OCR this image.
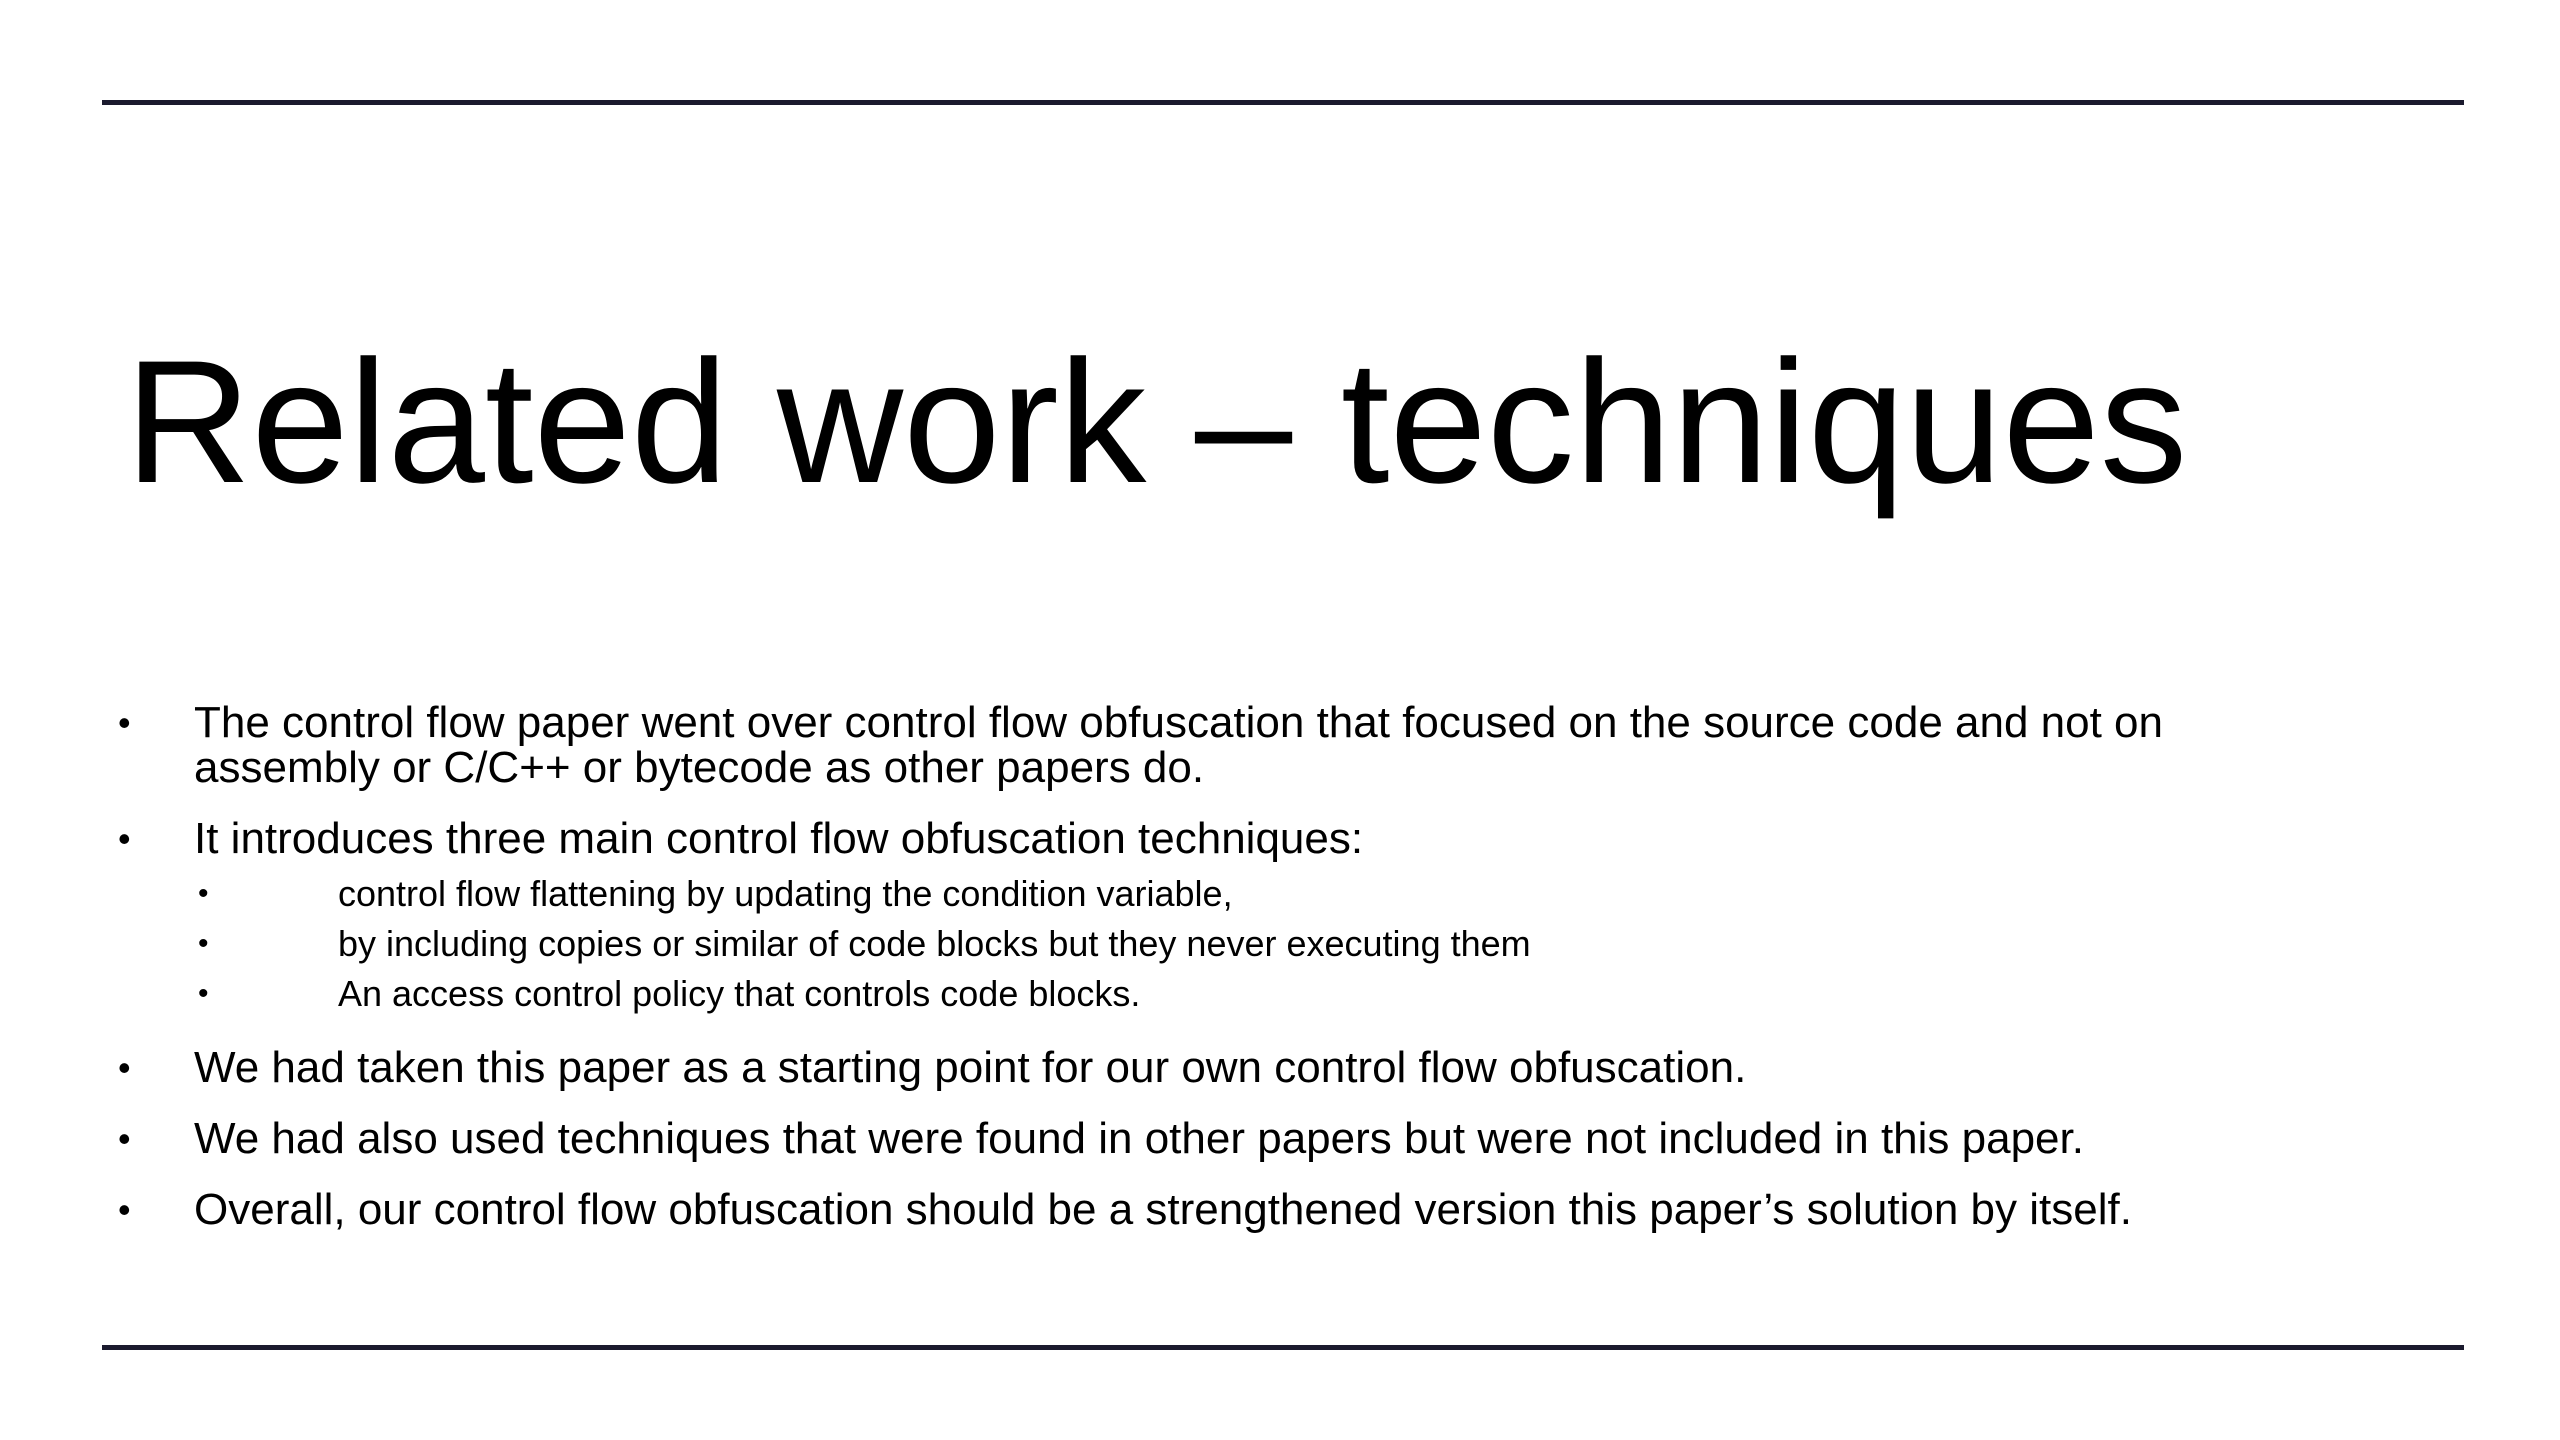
Related work – techniques
• The control flow paper went over control flow obfuscation that focused on the source code and not on assembly or C/C++ or bytecode as other papers do.
• It introduces three main control flow obfuscation techniques:
• control flow flattening by updating the condition variable,
• by including copies or similar of code blocks but they never executing them
• An access control policy that controls code blocks.
• We had taken this paper as a starting point for our own control flow obfuscation.
• We had also used techniques that were found in other papers but were not included in this paper.
• Overall, our control flow obfuscation should be a strengthened version this paper’s solution by itself.
